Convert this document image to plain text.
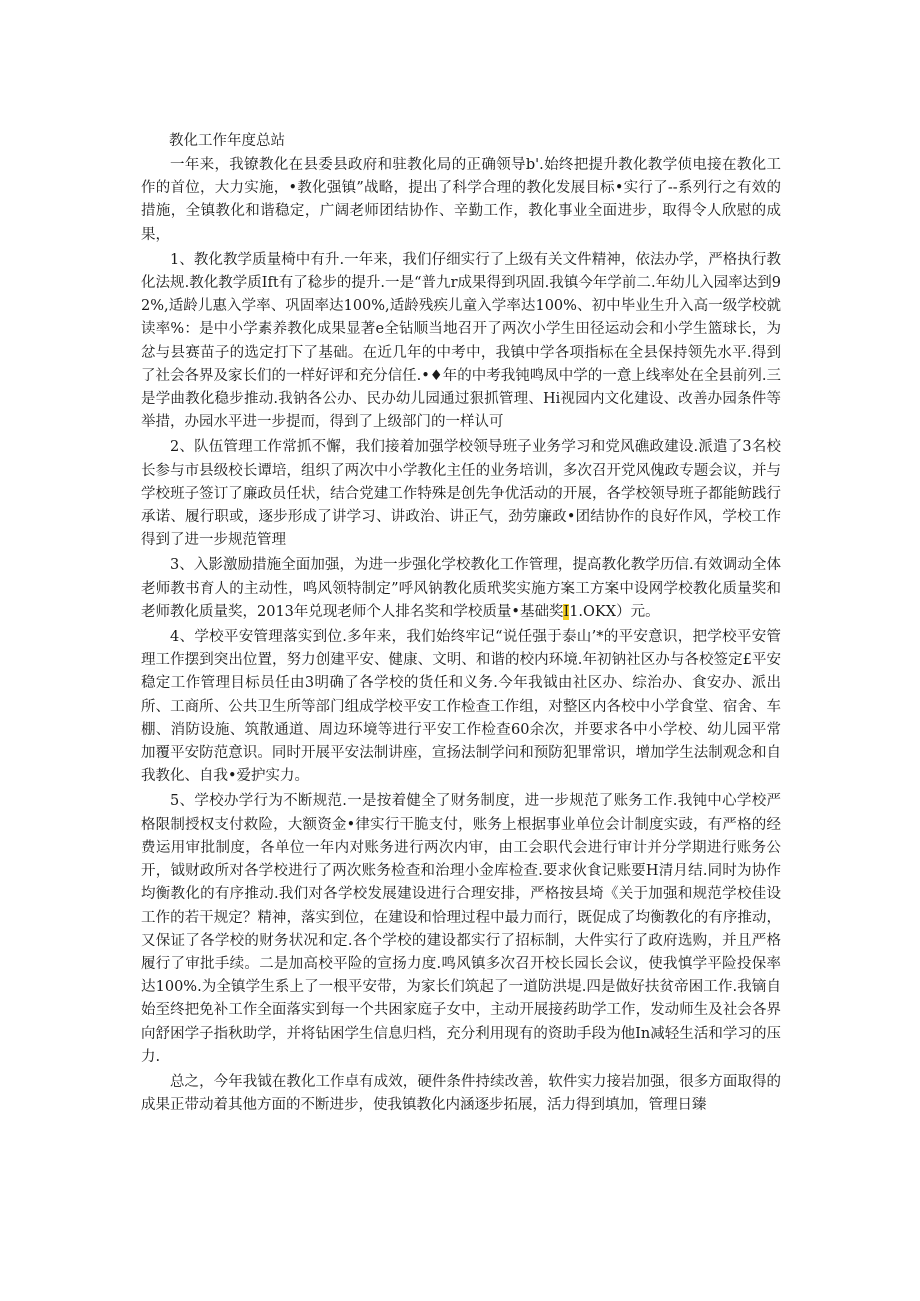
教化工作年度总站

一年来，我镣教化在县委县政府和驻教化局的正确领导b'.始终把提升教化教学侦电接在教化工作的首位，大力实施，•教化强镇”战略，提出了科学合理的教化发展目标•实行了--系列行之有效的措施，全镇教化和谐稳定，广阔老师团结协作、辛勤工作，教化事业全面进步，取得令人欣慰的成果，

1、教化教学质量椅中有升.一年来，我们仔细实行了上级有关文件精神，依法办学，严格执行教化法规.教化教学质Ift有了稔步的提升.一是“普九r成果得到巩固.我镇今年学前二.年幼儿入园率达到92%,适龄儿惠入学率、巩固率达100%,适龄残疾儿童入学率达100%、初中毕业生升入高一级学校就读率%：是中小学素养教化成果显著e全钻顺当地召开了两次小学生田径运动会和小学生篮球长，为忿与县赛苗子的选定打下了基础。在近几年的中考中，我镇中学各项指标在全县保持领先水平.得到了社会各界及家长们的一样好评和充分信任.•♦年的中考我钝鸣凤中学的一意上线率处在全县前列.三是学曲教化稳步推动.我钠各公办、民办幼儿园通过狠抓管理、Hi视园内文化建设、改善办园条件等举措，办园水平进一步提而，得到了上级部门的一样认可

2、队伍管理工作常抓不懈，我们接着加强学校领导班子业务学习和党风礁政建设.派遣了3名校长参与市县级校长谭培，组织了两次中小学教化主任的业务培训，多次召开党风傀政专题会议，并与学校班子签订了廉政员任状，结合党建工作特殊是创先争优活动的开展，各学校领导班子都能鲂践行承诺、履行职或，逐步形成了讲学习、讲政治、讲正气，劲劳廉政•团结协作的良好作风，学校工作得到了进一步规范管理

3、入影激励措施全面加强，为进一步强化学校教化工作管理，提高教化教学历信.有效调动全体老师教书育人的主动性，鸣风领特制定”呼风钠教化质玳奖实施方案工方案中设网学校教化质量奖和老师教化质量奖，2013年兑现老师个人排名奖和学校质量•基础奖I1.OKX）元。

4、学校平安管理落实到位.多年来，我们始终牢记“说任强于泰山’*的平安意识，把学校平安管理工作摆到突出位置，努力创建平安、健康、文明、和谐的校内环境.年初钠社区办与各校签定£平安稳定工作管理目标员任由3明确了各学校的货任和义务.今年我钺由社区办、综治办、食安办、派出所、工商所、公共卫生所等部门组成学校平安工作检查工作组，对整区内各校中小学食堂、宿舍、车棚、消防设施、筑散通道、周边环境等进行平安工作检查60余次，并要求各中小学校、幼儿园平常加覆平安防范意识。同时开展平安法制讲座，宣扬法制学问和预防犯罪常识，增加学生法制观念和自我教化、自我•爱护实力。

5、学校办学行为不断规范.一是按着健全了财务制度，进一步规范了账务工作.我钝中心学校严格限制授权支付救险，大额资金•律实行干脆支付，账务上根据事业单位会计制度实豉，有严格的经费运用审批制度，各单位一年内对账务进行两次内审，由工会职代会进行审计并分学期进行账务公开，钺财政所对各学校进行了两次账务检查和治理小金库检查.要求伙食记账要H清月结.同时为协作均衡教化的有序推动.我们对各学校发展建设进行合理安排，严格按县埼《关于加强和规范学校佳设工作的若干规定？精神，落实到位，在建设和恰理过程中最力而行，既促成了均衡教化的有序推动，又保证了各学校的财务状况和定.各个学校的建设都实行了招标制，大件实行了政府选购，并且严格履行了审批手续。二是加高校平险的宣扬力度.鸣风镇多次召开校长园长会议，使我慎学平险投保率达100%.为全镇学生系上了一根平安带，为家长们筑起了一道防洪堤.四是做好扶贫帝困工作.我镝自始至终把免补工作全面落实到每一个共困家庭子女中，主动开展接药助学工作，发动师生及社会各界向舒困学子指秋助学，并将钻困学生信息归档，充分利用现有的资助手段为他In减轻生活和学习的压力.

总之，今年我钺在教化工作卓有成效，硬件条件持续改善，软件实力接岩加强，很多方面取得的成果正带动着其他方面的不断进步，使我镇教化内涵逐步拓展，活力得到填加，管理日臻
